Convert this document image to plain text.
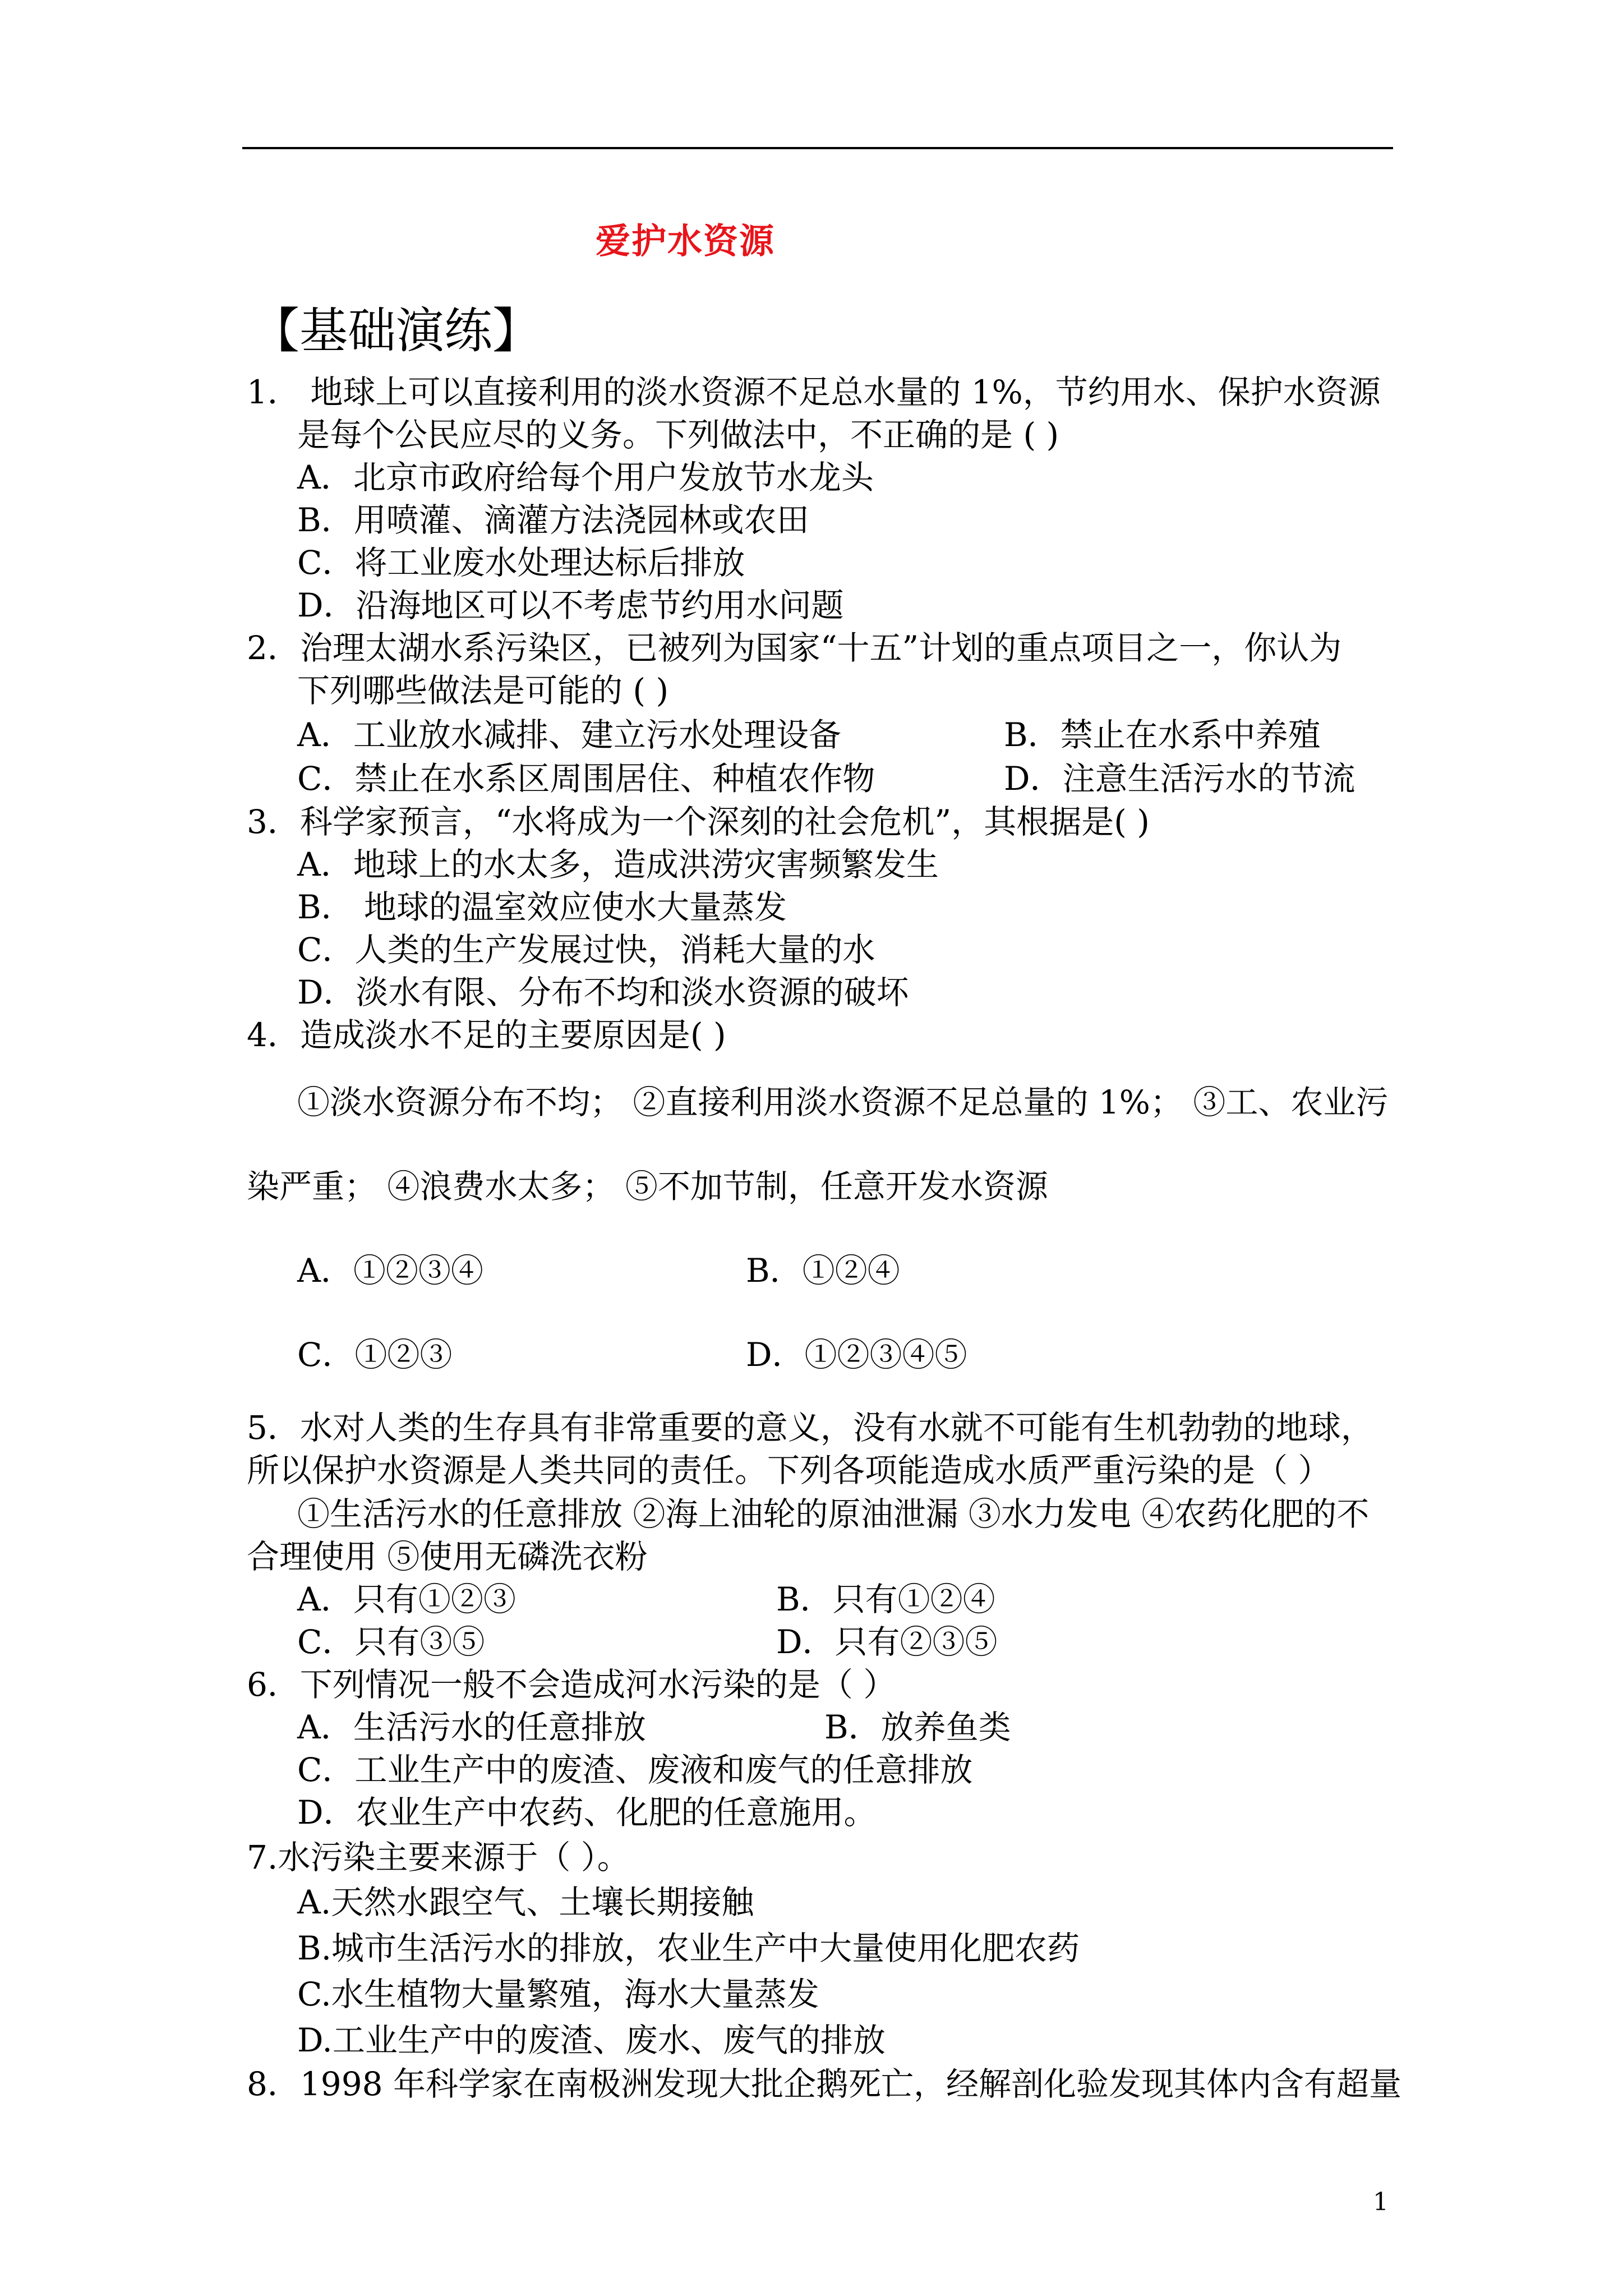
爱护水资源
【基础演练】
1． 地球上可以直接利用的淡水资源不足总水量的 1%，节约用水、保护水资源
是每个公民应尽的义务。下列做法中，不正确的是 ( )
A．北京市政府给每个用户发放节水龙头
B．用喷灌、滴灌方法浇园林或农田
C．将工业废水处理达标后排放
D．沿海地区可以不考虑节约用水问题
2．治理太湖水系污染区，已被列为国家“十五”计划的重点项目之一，你认为
下列哪些做法是可能的 ( )
A．工业放水减排、建立污水处理设备	B．禁止在水系中养殖
C．禁止在水系区周围居住、种植农作物	D．注意生活污水的节流
3．科学家预言，“水将成为一个深刻的社会危机”，其根据是( )
A．地球上的水太多，造成洪涝灾害频繁发生
B． 地球的温室效应使水大量蒸发
C．人类的生产发展过快，消耗大量的水
D．淡水有限、分布不均和淡水资源的破坏
4．造成淡水不足的主要原因是( )
①淡水资源分布不均； ②直接利用淡水资源不足总量的 1%； ③工、农业污
染严重； ④浪费水太多； ⑤不加节制，任意开发水资源
A．①②③④	B．①②④
C．①②③	D．①②③④⑤
5．水对人类的生存具有非常重要的意义，没有水就不可能有生机勃勃的地球，
所以保护水资源是人类共同的责任。下列各项能造成水质严重污染的是（ ）
①生活污水的任意排放 ②海上油轮的原油泄漏 ③水力发电 ④农药化肥的不
合理使用 ⑤使用无磷洗衣粉
A．只有①②③	B．只有①②④
C．只有③⑤	D．只有②③⑤
6．下列情况一般不会造成河水污染的是（ ）
A．生活污水的任意排放	B．放养鱼类
C．工业生产中的废渣、废液和废气的任意排放
D．农业生产中农药、化肥的任意施用。
7.水污染主要来源于（ ）。
A.天然水跟空气、土壤长期接触
B.城市生活污水的排放，农业生产中大量使用化肥农药
C.水生植物大量繁殖，海水大量蒸发
D.工业生产中的废渣、废水、废气的排放
8．1998 年科学家在南极洲发现大批企鹅死亡，经解剖化验发现其体内含有超量
1
